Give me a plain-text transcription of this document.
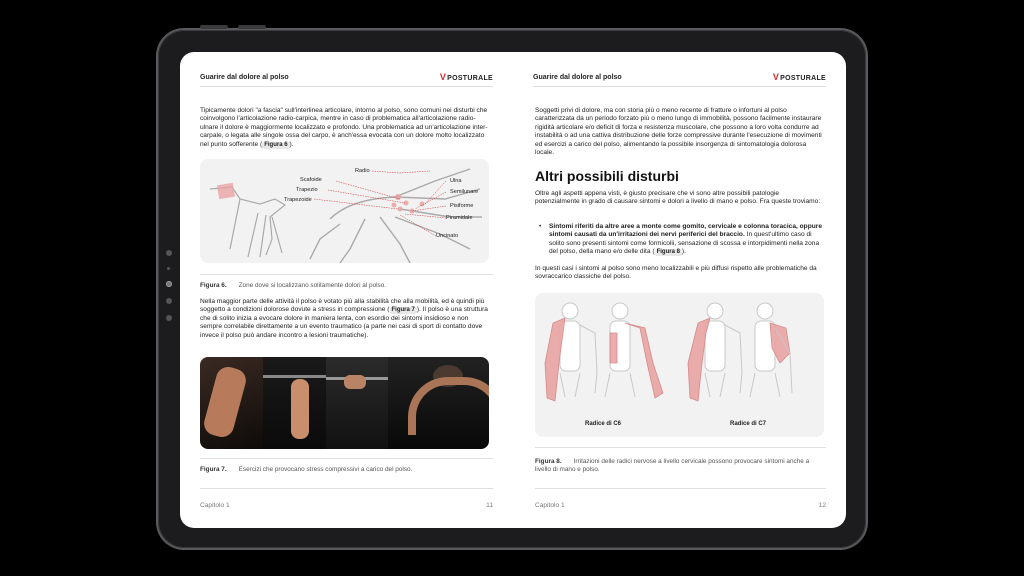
Guarire dal dolore al polso	VPOSTURALE
Tipicamente dolori "a fascia" sull'interlinea articolare, intorno al polso, sono comuni nei disturbi che coinvolgono l'articolazione radio-carpica, mentre in caso di problematica all'articolazione radio-ulnare il dolore è maggiormente localizzato e profondo. Una problematica ad un'articolazione inter-carpale, o legata alle singole ossa del carpo, è anch'essa evocata con un dolore molto localizzato nel punto sofferente ( Figura 6 ).
Radio
Scafoide
Trapezio
Trapezoide
Ulna
Semilunare
Pisiforme
Piramidale
Uncinato
Figura 6. Zone dove si localizzano solitamente dolori al polso.
Nella maggior parte delle attività il polso è votato più alla stabilità che alla mobilità, ed è quindi più soggetto a condizioni dolorose dovute a stress in compressione ( Figura 7 ). Il polso è una struttura che di solito inizia a evocare dolore in maniera lenta, con esordio dei sintomi insidioso e non sempre correlabile direttamente a un evento traumatico (a parte nei casi di sport di contatto dove invece il polso può andare incontro a lesioni traumatiche).
Figura 7. Esercizi che provocano stress compressivi a carico del polso.
Capitolo 1	11
Guarire dal dolore al polso	VPOSTURALE
Soggetti privi di dolore, ma con storia più o meno recente di fratture o infortuni al polso caratterizzata da un periodo forzato più o meno lungo di immobilità, possono facilmente instaurare rigidità articolare e/o deficit di forza e resistenza muscolare, che possono a loro volta condurre ad instabilità o ad una cattiva distribuzione delle forze compressive durante l'esecuzione di movimenti ed esercizi a carico del polso, alimentando la possibile insorgenza di sintomatologia dolorosa locale.
Altri possibili disturbi
Oltre agli aspetti appena visti, è giusto precisare che vi sono altre possibili patologie potenzialmente in grado di causare sintomi e dolori a livello di mano e polso. Fra queste troviamo:
• Sintomi riferiti da altre aree a monte come gomito, cervicale e colonna toracica, oppure sintomi causati da un'irritazioni dei nervi periferici del braccio. In quest'ultimo caso di solito sono presenti sintomi come formicolii, sensazione di scossa e intorpidimenti nella zona del polso, della mano e/o delle dita ( Figura 8 ).
In questi casi i sintomi al polso sono meno localizzabili e più diffusi rispetto alle problematiche da sovraccarico classiche del polso.
Radice di C6	Radice di C7
Figura 8. Irritazioni delle radici nervose a livello cervicale possono provocare sintomi anche a livello di mano e polso.
Capitolo 1	12
